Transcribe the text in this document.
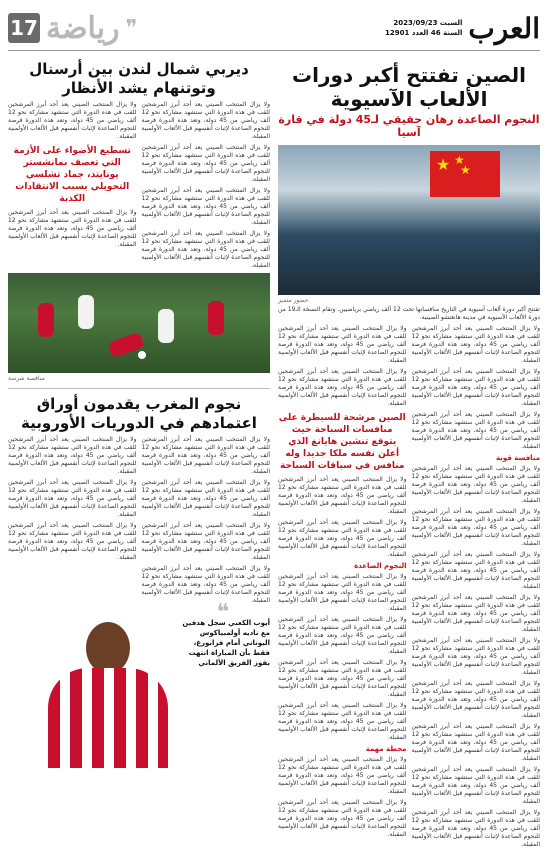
العرب
السبت 2023/09/23
السنة 46 العدد 12901
❞
رياضة
17
الصين تفتتح أكبر دورات الألعاب الآسيوية
النجوم الصاعدة رهان حقيقي لـ45 دولة في قارة آسيا
★ ★
★
حضور متميز

تفتتح أكبر دورة ألعاب آسيوية في التاريخ منافساتها تحت 12 ألف رياضي برياضيين. وتقام النسخة الـ19 من دورة الألعاب الآسيوية في مدينة هانغتشو الصينية.

ولا يزال المنتخب الصيني يعد أحد أبرز المرشحين للقب في هذه الدورة التي ستشهد مشاركة نحو 12 ألف رياضي من 45 دولة، وتعد هذه الدورة فرصة للنجوم الصاعدة لإثبات أنفسهم قبل الألعاب الأولمبية المقبلة.

ولا يزال المنتخب الصيني يعد أحد أبرز المرشحين للقب في هذه الدورة التي ستشهد مشاركة نحو 12 ألف رياضي من 45 دولة، وتعد هذه الدورة فرصة للنجوم الصاعدة لإثبات أنفسهم قبل الألعاب الأولمبية المقبلة.

ولا يزال المنتخب الصيني يعد أحد أبرز المرشحين للقب في هذه الدورة التي ستشهد مشاركة نحو 12 ألف رياضي من 45 دولة، وتعد هذه الدورة فرصة للنجوم الصاعدة لإثبات أنفسهم قبل الألعاب الأولمبية المقبلة.

منافسة قوية

ولا يزال المنتخب الصيني يعد أحد أبرز المرشحين للقب في هذه الدورة التي ستشهد مشاركة نحو 12 ألف رياضي من 45 دولة، وتعد هذه الدورة فرصة للنجوم الصاعدة لإثبات أنفسهم قبل الألعاب الأولمبية المقبلة.

ولا يزال المنتخب الصيني يعد أحد أبرز المرشحين للقب في هذه الدورة التي ستشهد مشاركة نحو 12 ألف رياضي من 45 دولة، وتعد هذه الدورة فرصة للنجوم الصاعدة لإثبات أنفسهم قبل الألعاب الأولمبية المقبلة.

ولا يزال المنتخب الصيني يعد أحد أبرز المرشحين للقب في هذه الدورة التي ستشهد مشاركة نحو 12 ألف رياضي من 45 دولة، وتعد هذه الدورة فرصة للنجوم الصاعدة لإثبات أنفسهم قبل الألعاب الأولمبية المقبلة.

ولا يزال المنتخب الصيني يعد أحد أبرز المرشحين للقب في هذه الدورة التي ستشهد مشاركة نحو 12 ألف رياضي من 45 دولة، وتعد هذه الدورة فرصة للنجوم الصاعدة لإثبات أنفسهم قبل الألعاب الأولمبية المقبلة.

ولا يزال المنتخب الصيني يعد أحد أبرز المرشحين للقب في هذه الدورة التي ستشهد مشاركة نحو 12 ألف رياضي من 45 دولة، وتعد هذه الدورة فرصة للنجوم الصاعدة لإثبات أنفسهم قبل الألعاب الأولمبية المقبلة.

ولا يزال المنتخب الصيني يعد أحد أبرز المرشحين للقب في هذه الدورة التي ستشهد مشاركة نحو 12 ألف رياضي من 45 دولة، وتعد هذه الدورة فرصة للنجوم الصاعدة لإثبات أنفسهم قبل الألعاب الأولمبية المقبلة.

ولا يزال المنتخب الصيني يعد أحد أبرز المرشحين للقب في هذه الدورة التي ستشهد مشاركة نحو 12 ألف رياضي من 45 دولة، وتعد هذه الدورة فرصة للنجوم الصاعدة لإثبات أنفسهم قبل الألعاب الأولمبية المقبلة.

ولا يزال المنتخب الصيني يعد أحد أبرز المرشحين للقب في هذه الدورة التي ستشهد مشاركة نحو 12 ألف رياضي من 45 دولة، وتعد هذه الدورة فرصة للنجوم الصاعدة لإثبات أنفسهم قبل الألعاب الأولمبية المقبلة.

ولا يزال المنتخب الصيني يعد أحد أبرز المرشحين للقب في هذه الدورة التي ستشهد مشاركة نحو 12 ألف رياضي من 45 دولة، وتعد هذه الدورة فرصة للنجوم الصاعدة لإثبات أنفسهم قبل الألعاب الأولمبية المقبلة.

ولا يزال المنتخب الصيني يعد أحد أبرز المرشحين للقب في هذه الدورة التي ستشهد مشاركة نحو 12 ألف رياضي من 45 دولة، وتعد هذه الدورة فرصة للنجوم الصاعدة لإثبات أنفسهم قبل الألعاب الأولمبية المقبلة.

ولا يزال المنتخب الصيني يعد أحد أبرز المرشحين للقب في هذه الدورة التي ستشهد مشاركة نحو 12 ألف رياضي من 45 دولة، وتعد هذه الدورة فرصة للنجوم الصاعدة لإثبات أنفسهم قبل الألعاب الأولمبية المقبلة.

الصين مرشحة للسيطرة على منافسات السباحة حيث يتوقع تنشين هايانغ الذي أعلن نفسه ملكا جديدا وله منافس في سباقات السباحة

ولا يزال المنتخب الصيني يعد أحد أبرز المرشحين للقب في هذه الدورة التي ستشهد مشاركة نحو 12 ألف رياضي من 45 دولة، وتعد هذه الدورة فرصة للنجوم الصاعدة لإثبات أنفسهم قبل الألعاب الأولمبية المقبلة.

ولا يزال المنتخب الصيني يعد أحد أبرز المرشحين للقب في هذه الدورة التي ستشهد مشاركة نحو 12 ألف رياضي من 45 دولة، وتعد هذه الدورة فرصة للنجوم الصاعدة لإثبات أنفسهم قبل الألعاب الأولمبية المقبلة.

النجوم الصاعدة

ولا يزال المنتخب الصيني يعد أحد أبرز المرشحين للقب في هذه الدورة التي ستشهد مشاركة نحو 12 ألف رياضي من 45 دولة، وتعد هذه الدورة فرصة للنجوم الصاعدة لإثبات أنفسهم قبل الألعاب الأولمبية المقبلة.

ولا يزال المنتخب الصيني يعد أحد أبرز المرشحين للقب في هذه الدورة التي ستشهد مشاركة نحو 12 ألف رياضي من 45 دولة، وتعد هذه الدورة فرصة للنجوم الصاعدة لإثبات أنفسهم قبل الألعاب الأولمبية المقبلة.

ولا يزال المنتخب الصيني يعد أحد أبرز المرشحين للقب في هذه الدورة التي ستشهد مشاركة نحو 12 ألف رياضي من 45 دولة، وتعد هذه الدورة فرصة للنجوم الصاعدة لإثبات أنفسهم قبل الألعاب الأولمبية المقبلة.

ولا يزال المنتخب الصيني يعد أحد أبرز المرشحين للقب في هذه الدورة التي ستشهد مشاركة نحو 12 ألف رياضي من 45 دولة، وتعد هذه الدورة فرصة للنجوم الصاعدة لإثبات أنفسهم قبل الألعاب الأولمبية المقبلة.

محطة مهمة

ولا يزال المنتخب الصيني يعد أحد أبرز المرشحين للقب في هذه الدورة التي ستشهد مشاركة نحو 12 ألف رياضي من 45 دولة، وتعد هذه الدورة فرصة للنجوم الصاعدة لإثبات أنفسهم قبل الألعاب الأولمبية المقبلة.

ولا يزال المنتخب الصيني يعد أحد أبرز المرشحين للقب في هذه الدورة التي ستشهد مشاركة نحو 12 ألف رياضي من 45 دولة، وتعد هذه الدورة فرصة للنجوم الصاعدة لإثبات أنفسهم قبل الألعاب الأولمبية المقبلة.

ديربي شمال لندن بين أرسنال وتوتنهام يشد الأنظار

ولا يزال المنتخب الصيني يعد أحد أبرز المرشحين للقب في هذه الدورة التي ستشهد مشاركة نحو 12 ألف رياضي من 45 دولة، وتعد هذه الدورة فرصة للنجوم الصاعدة لإثبات أنفسهم قبل الألعاب الأولمبية المقبلة.

ولا يزال المنتخب الصيني يعد أحد أبرز المرشحين للقب في هذه الدورة التي ستشهد مشاركة نحو 12 ألف رياضي من 45 دولة، وتعد هذه الدورة فرصة للنجوم الصاعدة لإثبات أنفسهم قبل الألعاب الأولمبية المقبلة.

ولا يزال المنتخب الصيني يعد أحد أبرز المرشحين للقب في هذه الدورة التي ستشهد مشاركة نحو 12 ألف رياضي من 45 دولة، وتعد هذه الدورة فرصة للنجوم الصاعدة لإثبات أنفسهم قبل الألعاب الأولمبية المقبلة.

ولا يزال المنتخب الصيني يعد أحد أبرز المرشحين للقب في هذه الدورة التي ستشهد مشاركة نحو 12 ألف رياضي من 45 دولة، وتعد هذه الدورة فرصة للنجوم الصاعدة لإثبات أنفسهم قبل الألعاب الأولمبية المقبلة.

ولا يزال المنتخب الصيني يعد أحد أبرز المرشحين للقب في هذه الدورة التي ستشهد مشاركة نحو 12 ألف رياضي من 45 دولة، وتعد هذه الدورة فرصة للنجوم الصاعدة لإثبات أنفسهم قبل الألعاب الأولمبية المقبلة.

تسطيع الأضواء على الأزمة التي تعصف بمانشستر يونايتد، جماد تشلسي التحويلي بسبب الانتقادات الكذبة

ولا يزال المنتخب الصيني يعد أحد أبرز المرشحين للقب في هذه الدورة التي ستشهد مشاركة نحو 12 ألف رياضي من 45 دولة، وتعد هذه الدورة فرصة للنجوم الصاعدة لإثبات أنفسهم قبل الألعاب الأولمبية المقبلة.

منافسة شرسة
نجوم المغرب يقدمون أوراق اعتمادهم في الدوريات الأوروبية

ولا يزال المنتخب الصيني يعد أحد أبرز المرشحين للقب في هذه الدورة التي ستشهد مشاركة نحو 12 ألف رياضي من 45 دولة، وتعد هذه الدورة فرصة للنجوم الصاعدة لإثبات أنفسهم قبل الألعاب الأولمبية المقبلة.

ولا يزال المنتخب الصيني يعد أحد أبرز المرشحين للقب في هذه الدورة التي ستشهد مشاركة نحو 12 ألف رياضي من 45 دولة، وتعد هذه الدورة فرصة للنجوم الصاعدة لإثبات أنفسهم قبل الألعاب الأولمبية المقبلة.

ولا يزال المنتخب الصيني يعد أحد أبرز المرشحين للقب في هذه الدورة التي ستشهد مشاركة نحو 12 ألف رياضي من 45 دولة، وتعد هذه الدورة فرصة للنجوم الصاعدة لإثبات أنفسهم قبل الألعاب الأولمبية المقبلة.

ولا يزال المنتخب الصيني يعد أحد أبرز المرشحين للقب في هذه الدورة التي ستشهد مشاركة نحو 12 ألف رياضي من 45 دولة، وتعد هذه الدورة فرصة للنجوم الصاعدة لإثبات أنفسهم قبل الألعاب الأولمبية المقبلة.

ولا يزال المنتخب الصيني يعد أحد أبرز المرشحين للقب في هذه الدورة التي ستشهد مشاركة نحو 12 ألف رياضي من 45 دولة، وتعد هذه الدورة فرصة للنجوم الصاعدة لإثبات أنفسهم قبل الألعاب الأولمبية المقبلة.

ولا يزال المنتخب الصيني يعد أحد أبرز المرشحين للقب في هذه الدورة التي ستشهد مشاركة نحو 12 ألف رياضي من 45 دولة، وتعد هذه الدورة فرصة للنجوم الصاعدة لإثبات أنفسهم قبل الألعاب الأولمبية المقبلة.

ولا يزال المنتخب الصيني يعد أحد أبرز المرشحين للقب في هذه الدورة التي ستشهد مشاركة نحو 12 ألف رياضي من 45 دولة، وتعد هذه الدورة فرصة للنجوم الصاعدة لإثبات أنفسهم قبل الألعاب الأولمبية المقبلة.

❝
أيوب الكعبي سجل هدفين مع ناديه أولمبياكوس اليوناني أمام فرابورغ، فقط بأن المباراة انتهت بفوز الفريق الألماني
